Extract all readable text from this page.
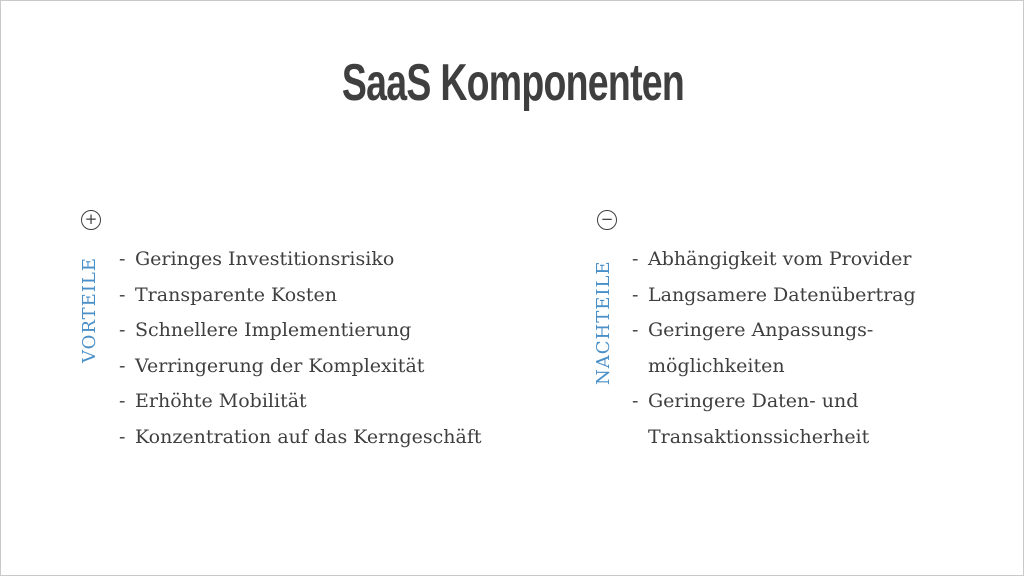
SaaS Komponenten
+
VORTEILE - Geringes Investitionsrisiko
- Transparente Kosten
- Schnellere Implementierung
- Verringerung der Komplexität
- Erhöhte Mobilität
- Konzentration auf das Kerngeschäft
−
NACHTEILE
- Abhängigkeit vom Provider
- Langsamere Datenübertrag
- Geringere Anpassungs-
möglichkeiten
- Geringere Daten- und
Transaktionssicherheit
